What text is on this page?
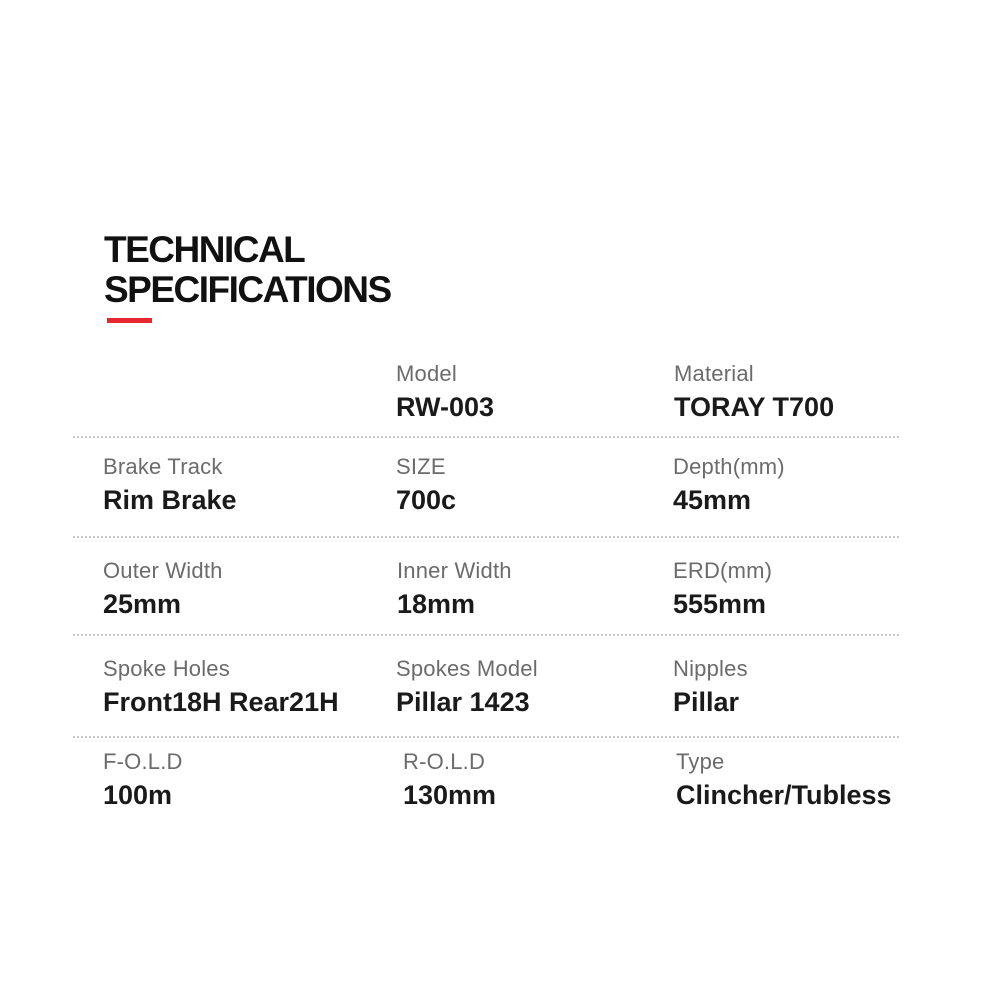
TECHNICAL
SPECIFICATIONS
Model
RW-003
Material
TORAY T700
Brake Track
Rim Brake
SIZE
700c
Depth(mm)
45mm
Outer Width
25mm
Inner Width
18mm
ERD(mm)
555mm
Spoke Holes
Front18H Rear21H
Spokes Model
Pillar 1423
Nipples
Pillar
F-O.L.D
100m
R-O.L.D
130mm
Type
Clincher/Tubless
